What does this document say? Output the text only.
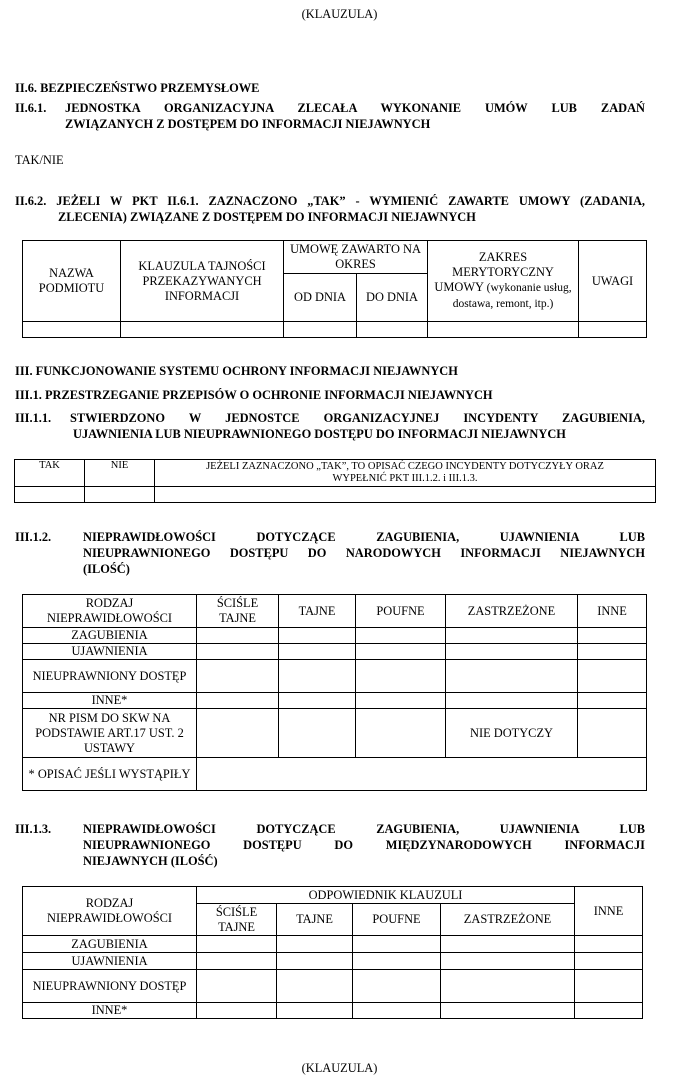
(KLAUZULA)
II.6. BEZPIECZEŃSTWO PRZEMYSŁOWE
II.6.1.	JEDNOSTKA ORGANIZACYJNA ZLECAŁA WYKONANIE UMÓW LUB ZADAŃ
ZWIĄZANYCH Z DOSTĘPEM DO INFORMACJI NIEJAWNYCH
TAK/NIE
II.6.2. JEŻELI W PKT II.6.1. ZAZNACZONO „TAK” - WYMIENIĆ ZAWARTE UMOWY (ZADANIA,
ZLECENIA) ZWIĄZANE Z DOSTĘPEM DO INFORMACJI NIEJAWNYCH
NAZWA PODMIOTU	KLAUZULA TAJNOŚCI PRZEKAZYWANYCH INFORMACJI	UMOWĘ ZAWARTO NA OKRES		ZAKRES MERYTORYCZNY UMOWY (wykonanie usług, dostawa, remont, itp.)	UWAGI
		OD DNIA	DO DNIA		

III. FUNKCJONOWANIE SYSTEMU OCHRONY INFORMACJI NIEJAWNYCH
III.1. PRZESTRZEGANIE PRZEPISÓW O OCHRONIE INFORMACJI NIEJAWNYCH
III.1.1.	STWIERDZONO W JEDNOSTCE ORGANIZACYJNEJ INCYDENTY ZAGUBIENIA,
UJAWNIENIA LUB NIEUPRAWNIONEGO DOSTĘPU DO INFORMACJI NIEJAWNYCH
TAK	NIE	JEŻELI ZAZNACZONO „TAK”, TO OPISAĆ CZEGO INCYDENTY DOTYCZYŁY ORAZ
WYPEŁNIĆ PKT III.1.2. i III.1.3.

III.1.2.	NIEPRAWIDŁOWOŚCI DOTYCZĄCE ZAGUBIENIA, UJAWNIENIA LUB
NIEUPRAWNIONEGO DOSTĘPU DO NARODOWYCH INFORMACJI NIEJAWNYCH
(ILOŚĆ)
RODZAJ NIEPRAWIDŁOWOŚCI	ŚCIŚLE TAJNE	TAJNE	POUFNE	ZASTRZEŻONE	INNE
ZAGUBIENIA					
UJAWNIENIA					
NIEUPRAWNIONY DOSTĘP					
INNE*					
NR PISM DO SKW NA PODSTAWIE ART.17 UST. 2 USTAWY				NIE DOTYCZY	
* OPISAĆ JEŚLI WYSTĄPIŁY					
III.1.3.	NIEPRAWIDŁOWOŚCI DOTYCZĄCE ZAGUBIENIA, UJAWNIENIA LUB
NIEUPRAWNIONEGO DOSTĘPU DO MIĘDZYNARODOWYCH INFORMACJI
NIEJAWNYCH (ILOŚĆ)
RODZAJ NIEPRAWIDŁOWOŚCI	ODPOWIEDNIK KLAUZULI				INNE
	ŚCIŚLE TAJNE	TAJNE	POUFNE	ZASTRZEŻONE	
ZAGUBIENIA					
UJAWNIENIA					
NIEUPRAWNIONY DOSTĘP					
INNE*					
(KLAUZULA)
